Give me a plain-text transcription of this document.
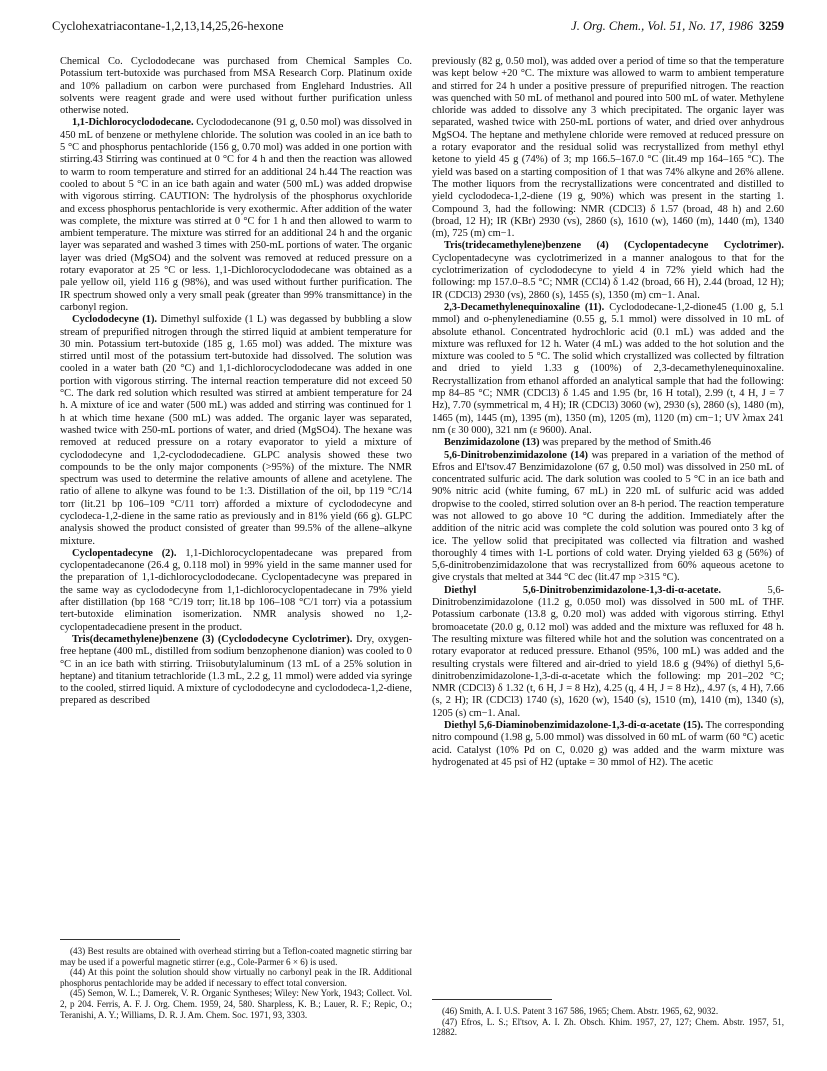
Cyclohexatriacontane-1,2,13,14,25,26-hexone	J. Org. Chem., Vol. 51, No. 17, 1986 3259

Chemical Co. Cyclododecane was purchased from Chemical Samples Co. Potassium tert-butoxide was purchased from MSA Research Corp. Platinum oxide and 10% palladium on carbon were purchased from Englehard Industries. All solvents were reagent grade and were used without further purification unless otherwise noted.

1,1-Dichlorocyclododecane. Cyclododecanone (91 g, 0.50 mol) was dissolved in 450 mL of benzene or methylene chloride. The solution was cooled in an ice bath to 5 °C and phosphorus pentachloride (156 g, 0.70 mol) was added in one portion with stirring.43 Stirring was continued at 0 °C for 4 h and then the reaction was allowed to warm to room temperature and stirred for an additional 24 h.44 The reaction was cooled to about 5 °C in an ice bath again and water (500 mL) was added dropwise with vigorous stirring. CAUTION: The hydrolysis of the phosphorus oxychloride and excess phosphorus pentachloride is very exothermic. After addition of the water was complete, the mixture was stirred at 0 °C for 1 h and then allowed to warm to ambient temperature. The mixture was stirred for an additional 24 h and the organic layer was separated and washed 3 times with 250-mL portions of water. The organic layer was dried (MgSO4) and the solvent was removed at reduced pressure on a rotary evaporator at 25 °C or less. 1,1-Dichlorocyclododecane was obtained as a pale yellow oil, yield 116 g (98%), and was used without further purification. The IR spectrum showed only a very small peak (greater than 99% transmittance) in the carbonyl region.

Cyclododecyne (1). Dimethyl sulfoxide (1 L) was degassed by bubbling a slow stream of prepurified nitrogen through the stirred liquid at ambient temperature for 30 min. Potassium tert-butoxide (185 g, 1.65 mol) was added. The mixture was stirred until most of the potassium tert-butoxide had dissolved. The solution was cooled in a water bath (20 °C) and 1,1-dichlorocyclododecane was added in one portion with vigorous stirring. The internal reaction temperature did not exceed 50 °C. The dark red solution which resulted was stirred at ambient temperature for 24 h. A mixture of ice and water (500 mL) was added and stirring was continued for 1 h at which time hexane (500 mL) was added. The organic layer was separated, washed twice with 250-mL portions of water, and dried (MgSO4). The hexane was removed at reduced pressure on a rotary evaporator to yield a mixture of cyclododecyne and 1,2-cyclododecadiene. GLPC analysis showed these two compounds to be the only major components (>95%) of the mixture. The NMR spectrum was used to determine the relative amounts of allene and acetylene. The ratio of allene to alkyne was found to be 1:3. Distillation of the oil, bp 119 °C/14 torr (lit.21 bp 106–109 °C/11 torr) afforded a mixture of cyclododecyne and cyclodeca-1,2-diene in the same ratio as previously and in 81% yield (66 g). GLPC analysis showed the product consisted of greater than 99.5% of the allene–alkyne mixture.

Cyclopentadecyne (2). 1,1-Dichlorocyclopentadecane was prepared from cyclopentadecanone (26.4 g, 0.118 mol) in 99% yield in the same manner used for the preparation of 1,1-dichlorocyclododecane. Cyclopentadecyne was prepared in the same way as cyclododecyne from 1,1-dichlorocyclopentadecane in 79% yield after distillation (bp 168 °C/19 torr; lit.18 bp 106–108 °C/1 torr) via a potassium tert-butoxide elimination isomerization. NMR analysis showed no 1,2-cyclopentadecadiene present in the product.

Tris(decamethylene)benzene (3) (Cyclododecyne Cyclotrimer). Dry, oxygen-free heptane (400 mL, distilled from sodium benzophenone dianion) was cooled to 0 °C in an ice bath with stirring. Triisobutylaluminum (13 mL of a 25% solution in heptane) and titanium tetrachloride (1.3 mL, 2.2 g, 11 mmol) were added via syringe to the cooled, stirred liquid. A mixture of cyclododecyne and cyclododeca-1,2-diene, prepared as described

previously (82 g, 0.50 mol), was added over a period of time so that the temperature was kept below +20 °C. The mixture was allowed to warm to ambient temperature and stirred for 24 h under a positive pressure of prepurified nitrogen. The reaction was quenched with 50 mL of methanol and poured into 500 mL of water. Methylene chloride was added to dissolve any 3 which precipitated. The organic layer was separated, washed twice with 250-mL portions of water, and dried over anhydrous MgSO4. The heptane and methylene chloride were removed at reduced pressure on a rotary evaporator and the residual solid was recrystallized from methyl ethyl ketone to yield 45 g (74%) of 3; mp 166.5–167.0 °C (lit.49 mp 164–165 °C). The yield was based on a starting composition of 1 that was 74% alkyne and 26% allene. The mother liquors from the recrystallizations were concentrated and distilled to yield cyclododeca-1,2-diene (19 g, 90%) which was present in the starting 1. Compound 3, had the following: NMR (CDCl3) δ 1.57 (broad, 48 h) and 2.60 (broad, 12 H); IR (KBr) 2930 (vs), 2860 (s), 1610 (w), 1460 (m), 1440 (m), 1340 (m), 725 (m) cm−1.

Tris(tridecamethylene)benzene (4) (Cyclopentadecyne Cyclotrimer). Cyclopentadecyne was cyclotrimerized in a manner analogous to that for the cyclotrimerization of cyclododecyne to yield 4 in 72% yield which had the following: mp 157.0–8.5 °C; NMR (CCl4) δ 1.42 (broad, 66 H), 2.44 (broad, 12 H); IR (CDCl3) 2930 (vs), 2860 (s), 1455 (s), 1350 (m) cm−1. Anal.

2,3-Decamethylenequinoxaline (11). Cyclododecane-1,2-dione45 (1.00 g, 5.1 mmol) and o-phenylenediamine (0.55 g, 5.1 mmol) were dissolved in 10 mL of absolute ethanol. Concentrated hydrochloric acid (0.1 mL) was added and the mixture was refluxed for 12 h. Water (4 mL) was added to the hot solution and the mixture was cooled to 5 °C. The solid which crystallized was collected by filtration and dried to yield 1.33 g (100%) of 2,3-decamethylenequinoxaline. Recrystallization from ethanol afforded an analytical sample that had the following: mp 84–85 °C; NMR (CDCl3) δ 1.45 and 1.95 (br, 16 H total), 2.99 (t, 4 H, J = 7 Hz), 7.70 (symmetrical m, 4 H); IR (CDCl3) 3060 (w), 2930 (s), 2860 (s), 1480 (m), 1465 (m), 1445 (m), 1395 (m), 1350 (m), 1205 (m), 1120 (m) cm−1; UV λmax 241 nm (ε 30 000), 321 nm (ε 9600). Anal.

Benzimidazolone (13) was prepared by the method of Smith.46

5,6-Dinitrobenzimidazolone (14) was prepared in a variation of the method of Efros and El'tsov.47 Benzimidazolone (67 g, 0.50 mol) was dissolved in 250 mL of concentrated sulfuric acid. The dark solution was cooled to 5 °C in an ice bath and 90% nitric acid (white fuming, 67 mL) in 220 mL of sulfuric acid was added dropwise to the cooled, stirred solution over an 8-h period. The reaction temperature was not allowed to go above 10 °C during the addition. Immediately after the addition of the nitric acid was complete the cold solution was poured onto 3 kg of ice. The yellow solid that precipitated was collected via filtration and washed thoroughly 4 times with 1-L portions of cold water. Drying yielded 63 g (56%) of 5,6-dinitrobenzimidazolone that was recrystallized from 60% aqueous acetone to give crystals that melted at 344 °C dec (lit.47 mp >315 °C).

Diethyl 5,6-Dinitrobenzimidazolone-1,3-di-α-acetate. 5,6-Dinitrobenzimidazolone (11.2 g, 0.050 mol) was dissolved in 500 mL of THF. Potassium carbonate (13.8 g, 0.20 mol) was added with vigorous stirring. Ethyl bromoacetate (20.0 g, 0.12 mol) was added and the mixture was refluxed for 48 h. The resulting mixture was filtered while hot and the solution was concentrated on a rotary evaporator at reduced pressure. Ethanol (95%, 100 mL) was added and the resulting crystals were filtered and air-dried to yield 18.6 g (94%) of diethyl 5,6-dinitrobenzimidazolone-1,3-di-α-acetate which the following: mp 201–202 °C; NMR (CDCl3) δ 1.32 (t, 6 H, J = 8 Hz), 4.25 (q, 4 H, J = 8 Hz),, 4.97 (s, 4 H), 7.66 (s, 2 H); IR (CDCl3) 1740 (s), 1620 (w), 1540 (s), 1510 (m), 1410 (m), 1340 (s), 1205 (s) cm−1. Anal.

Diethyl 5,6-Diaminobenzimidazolone-1,3-di-α-acetate (15). The corresponding nitro compound (1.98 g, 5.00 mmol) was dissolved in 60 mL of warm (60 °C) acetic acid. Catalyst (10% Pd on C, 0.020 g) was added and the warm mixture was hydrogenated at 45 psi of H2 (uptake = 30 mmol of H2). The acetic

(43) Best results are obtained with overhead stirring but a Teflon-coated magnetic stirring bar may be used if a powerful magnetic stirrer (e.g., Cole-Parmer 6 × 6) is used.

(44) At this point the solution should show virtually no carbonyl peak in the IR. Additional phosphorus pentachloride may be added if necessary to effect total conversion.

(45) Semon, W. L.; Damerek, V. R. Organic Syntheses; Wiley: New York, 1943; Collect. Vol. 2, p 204. Ferris, A. F. J. Org. Chem. 1959, 24, 580. Sharpless, K. B.; Lauer, R. F.; Repic, O.; Teranishi, A. Y.; Williams, D. R. J. Am. Chem. Soc. 1971, 93, 3303.	(46) Smith, A. I. U.S. Patent 3 167 586, 1965; Chem. Abstr. 1965, 62, 9032.

(47) Efros, L. S.; El'tsov, A. I. Zh. Obsch. Khim. 1957, 27, 127; Chem. Abstr. 1957, 51, 12882.
